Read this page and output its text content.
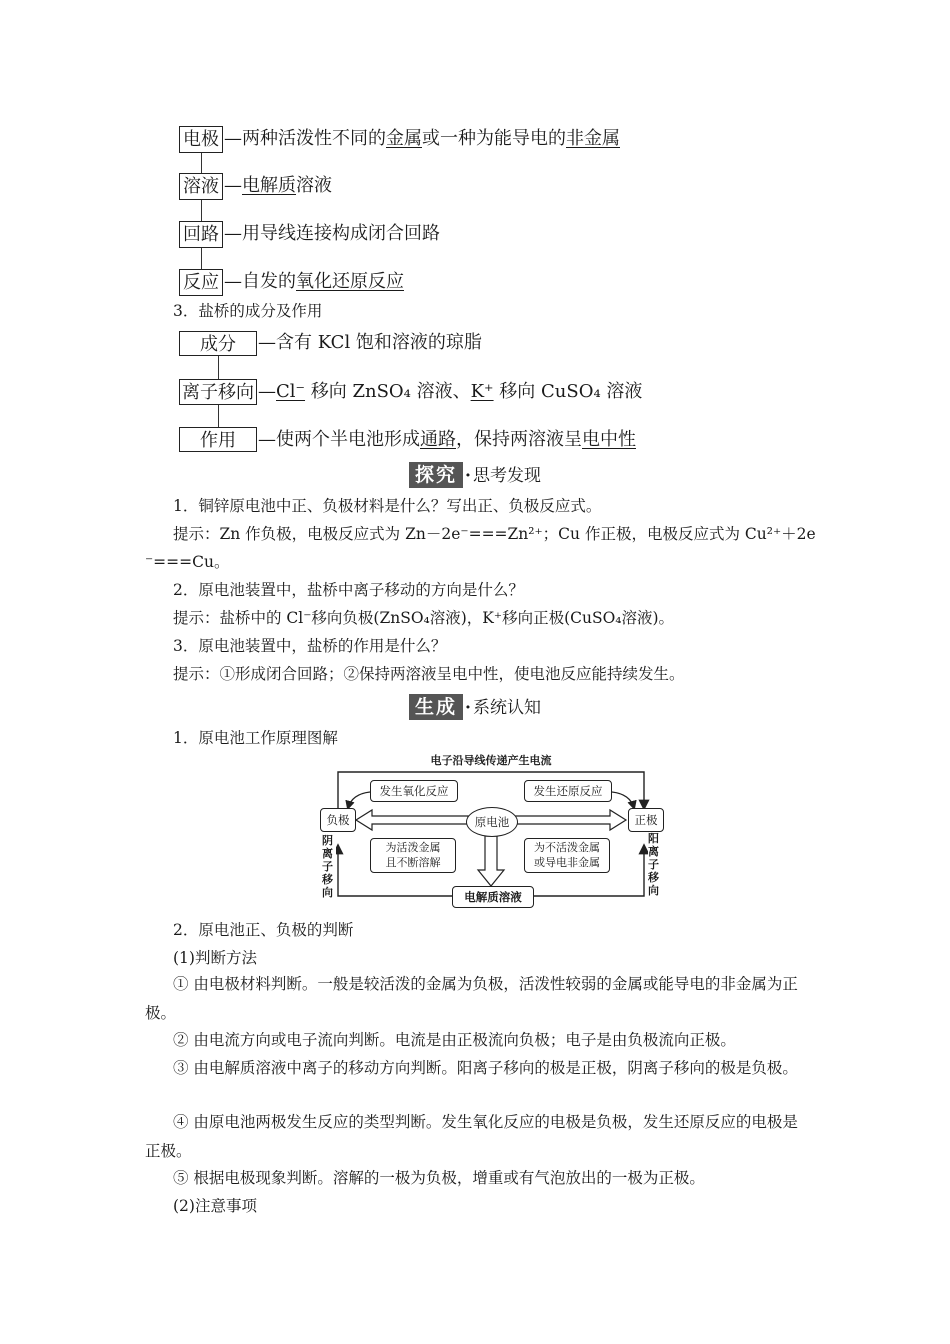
电极 —两种活泼性不同的金属或一种为能导电的非金属
溶液 —电解质溶液
回路 —用导线连接构成闭合回路
反应 —自发的氧化还原反应
3．盐桥的成分及作用
成分	—含有 KCl 饱和溶液的琼脂
离子移向 —Cl⁻ 移向 ZnSO₄ 溶液、K⁺ 移向 CuSO₄ 溶液
作用	—使两个半电池形成通路，保持两溶液呈电中性
探究 · 思考发现
1．铜锌原电池中正、负极材料是什么？写出正、负极反应式。
提示：Zn 作负极，电极反应式为 Zn－2e⁻===Zn²⁺；Cu 作正极，电极反应式为 Cu²⁺＋2e
⁻===Cu。
2．原电池装置中，盐桥中离子移动的方向是什么？
提示：盐桥中的 Cl⁻移向负极(ZnSO₄溶液)，K⁺移向正极(CuSO₄溶液)。
3．原电池装置中，盐桥的作用是什么？
提示：①形成闭合回路；②保持两溶液呈电中性，使电池反应能持续发生。
生成 · 系统认知
1．原电池工作原理图解
电子沿导线传递产生电流
发生氧化反应	发生还原反应
负极	正极
原电池
为活泼金属
且不断溶解
为不活泼金属
或导电非金属
电解质溶液
阴离子移向
阳离子移向
2．原电池正、负极的判断
(1)判断方法
① 由电极材料判断。一般是较活泼的金属为负极，活泼性较弱的金属或能导电的非金属为正极。
② 由电流方向或电子流向判断。电流是由正极流向负极；电子是由负极流向正极。
③ 由电解质溶液中离子的移动方向判断。阳离子移向的极是正极，阴离子移向的极是负极。
④ 由原电池两极发生反应的类型判断。发生氧化反应的电极是负极，发生还原反应的电极是正极。
⑤ 根据电极现象判断。溶解的一极为负极，增重或有气泡放出的一极为正极。
(2)注意事项
